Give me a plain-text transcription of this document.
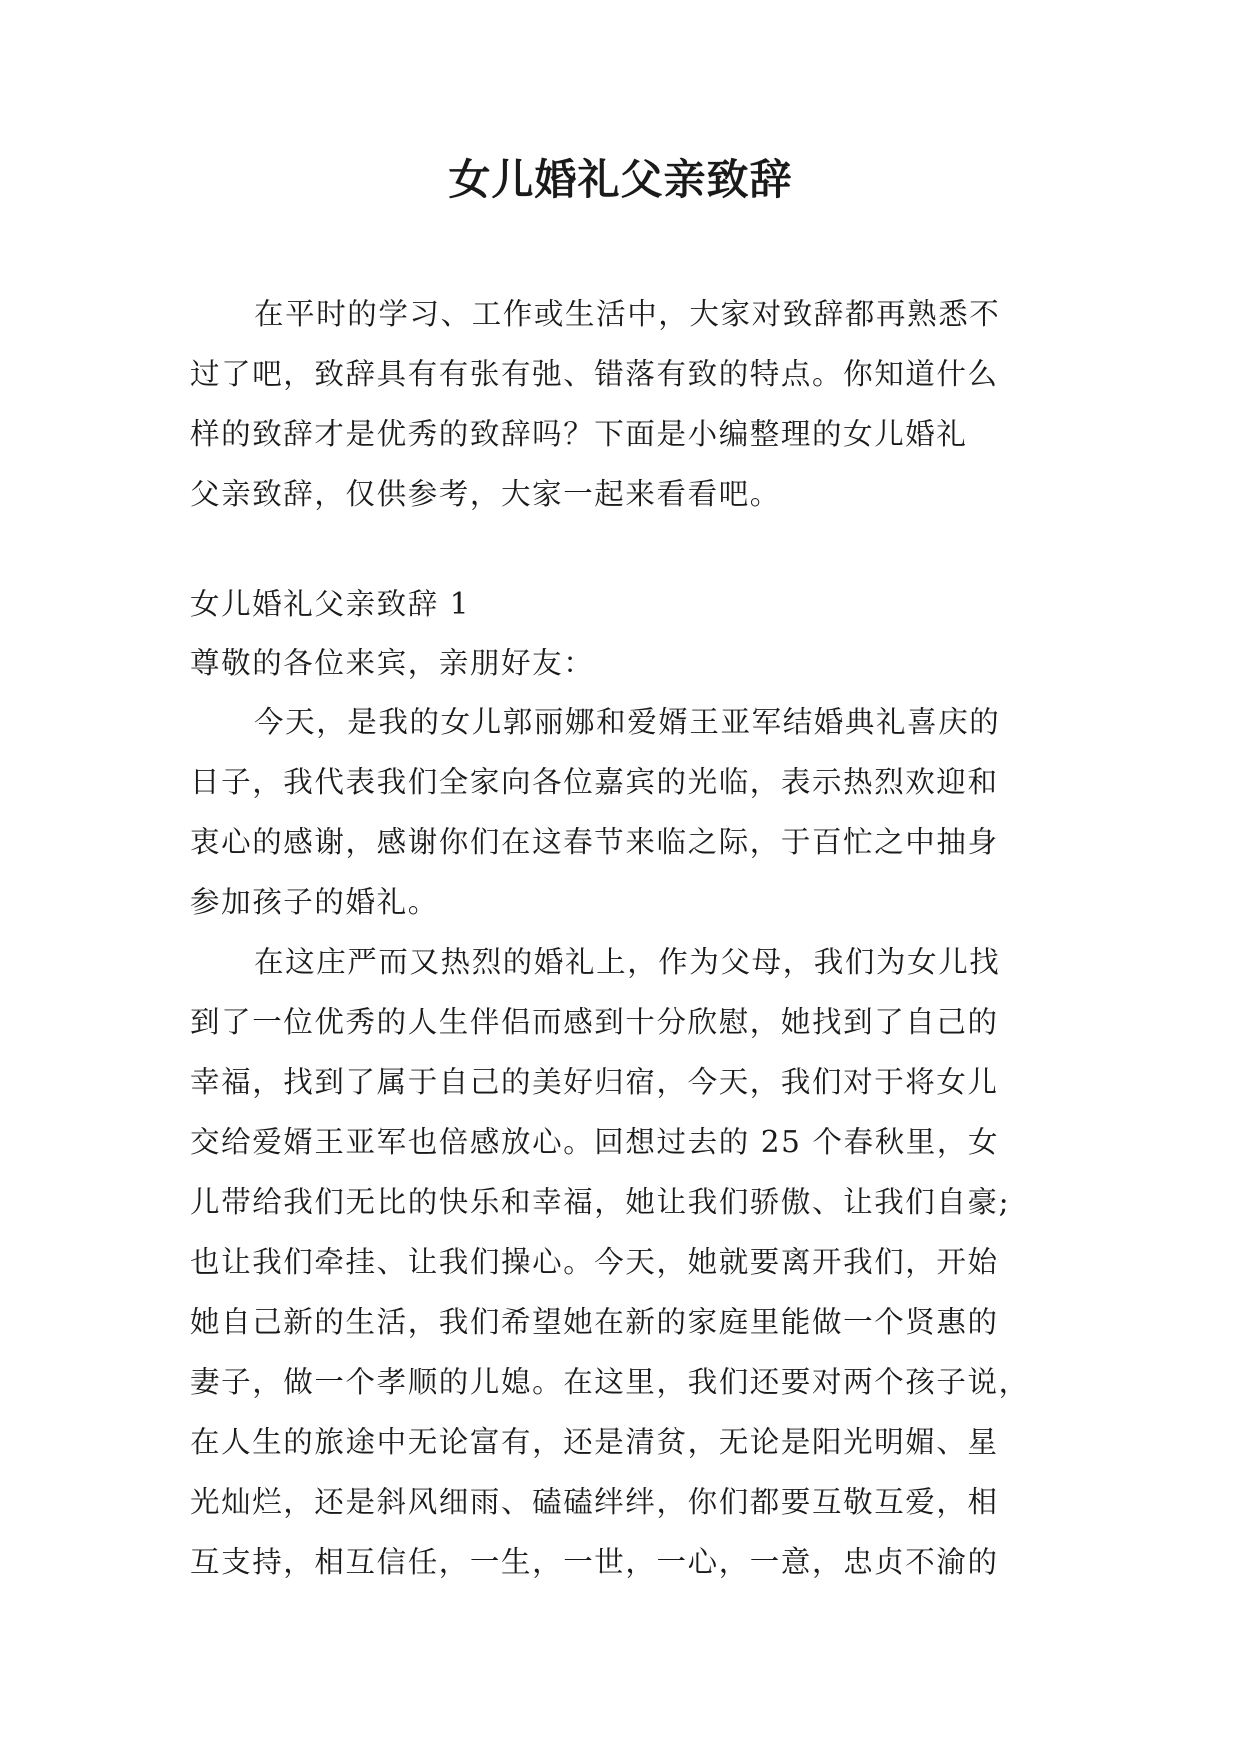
女儿婚礼父亲致辞
在平时的学习、工作或生活中，大家对致辞都再熟悉不
过了吧，致辞具有有张有弛、错落有致的特点。你知道什么
样的致辞才是优秀的致辞吗？下面是小编整理的女儿婚礼
父亲致辞，仅供参考，大家一起来看看吧。
女儿婚礼父亲致辞 1
尊敬的各位来宾，亲朋好友：
今天，是我的女儿郭丽娜和爱婿王亚军结婚典礼喜庆的
日子，我代表我们全家向各位嘉宾的光临，表示热烈欢迎和
衷心的感谢，感谢你们在这春节来临之际，于百忙之中抽身
参加孩子的婚礼。
在这庄严而又热烈的婚礼上，作为父母，我们为女儿找
到了一位优秀的人生伴侣而感到十分欣慰，她找到了自己的
幸福，找到了属于自己的美好归宿，今天，我们对于将女儿
交给爱婿王亚军也倍感放心。回想过去的 25 个春秋里，女
儿带给我们无比的快乐和幸福，她让我们骄傲、让我们自豪;
也让我们牵挂、让我们操心。今天，她就要离开我们，开始
她自己新的生活，我们希望她在新的家庭里能做一个贤惠的
妻子，做一个孝顺的儿媳。在这里，我们还要对两个孩子说，
在人生的旅途中无论富有，还是清贫，无论是阳光明媚、星
光灿烂，还是斜风细雨、磕磕绊绊，你们都要互敬互爱，相
互支持，相互信任，一生，一世，一心，一意，忠贞不渝的
